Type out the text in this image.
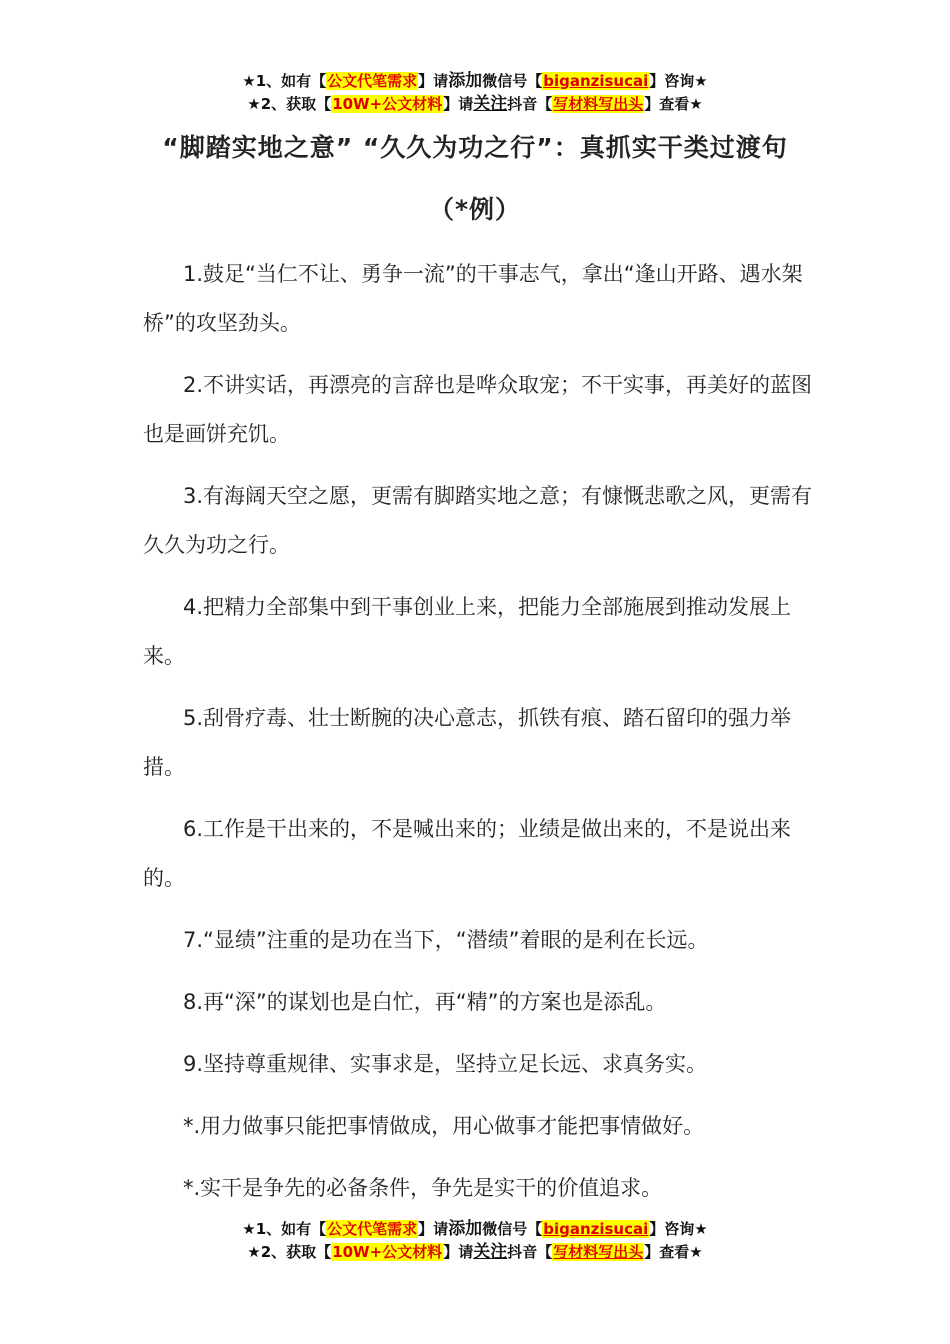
★1、如有【公文代笔需求】请添加微信号【biganzisucai】咨询★
★2、获取【10W+公文材料】请关注抖音【写材料写出头】查看★
“脚踏实地之意” “久久为功之行”：真抓实干类过渡句
（*例）

1.鼓足“当仁不让、勇争一流”的干事志气，拿出“逢山开路、遇水架桥”的攻坚劲头。

2.不讲实话，再漂亮的言辞也是哗众取宠；不干实事，再美好的蓝图也是画饼充饥。

3.有海阔天空之愿，更需有脚踏实地之意；有慷慨悲歌之风，更需有久久为功之行。

4.把精力全部集中到干事创业上来，把能力全部施展到推动发展上来。

5.刮骨疗毒、壮士断腕的决心意志，抓铁有痕、踏石留印的强力举措。

6.工作是干出来的，不是喊出来的；业绩是做出来的，不是说出来的。

7.“显绩”注重的是功在当下，“潜绩”着眼的是利在长远。

8.再“深”的谋划也是白忙，再“精”的方案也是添乱。

9.坚持尊重规律、实事求是，坚持立足长远、求真务实。

*.用力做事只能把事情做成，用心做事才能把事情做好。

*.实干是争先的必备条件，争先是实干的价值追求。

★1、如有【公文代笔需求】请添加微信号【biganzisucai】咨询★
★2、获取【10W+公文材料】请关注抖音【写材料写出头】查看★
